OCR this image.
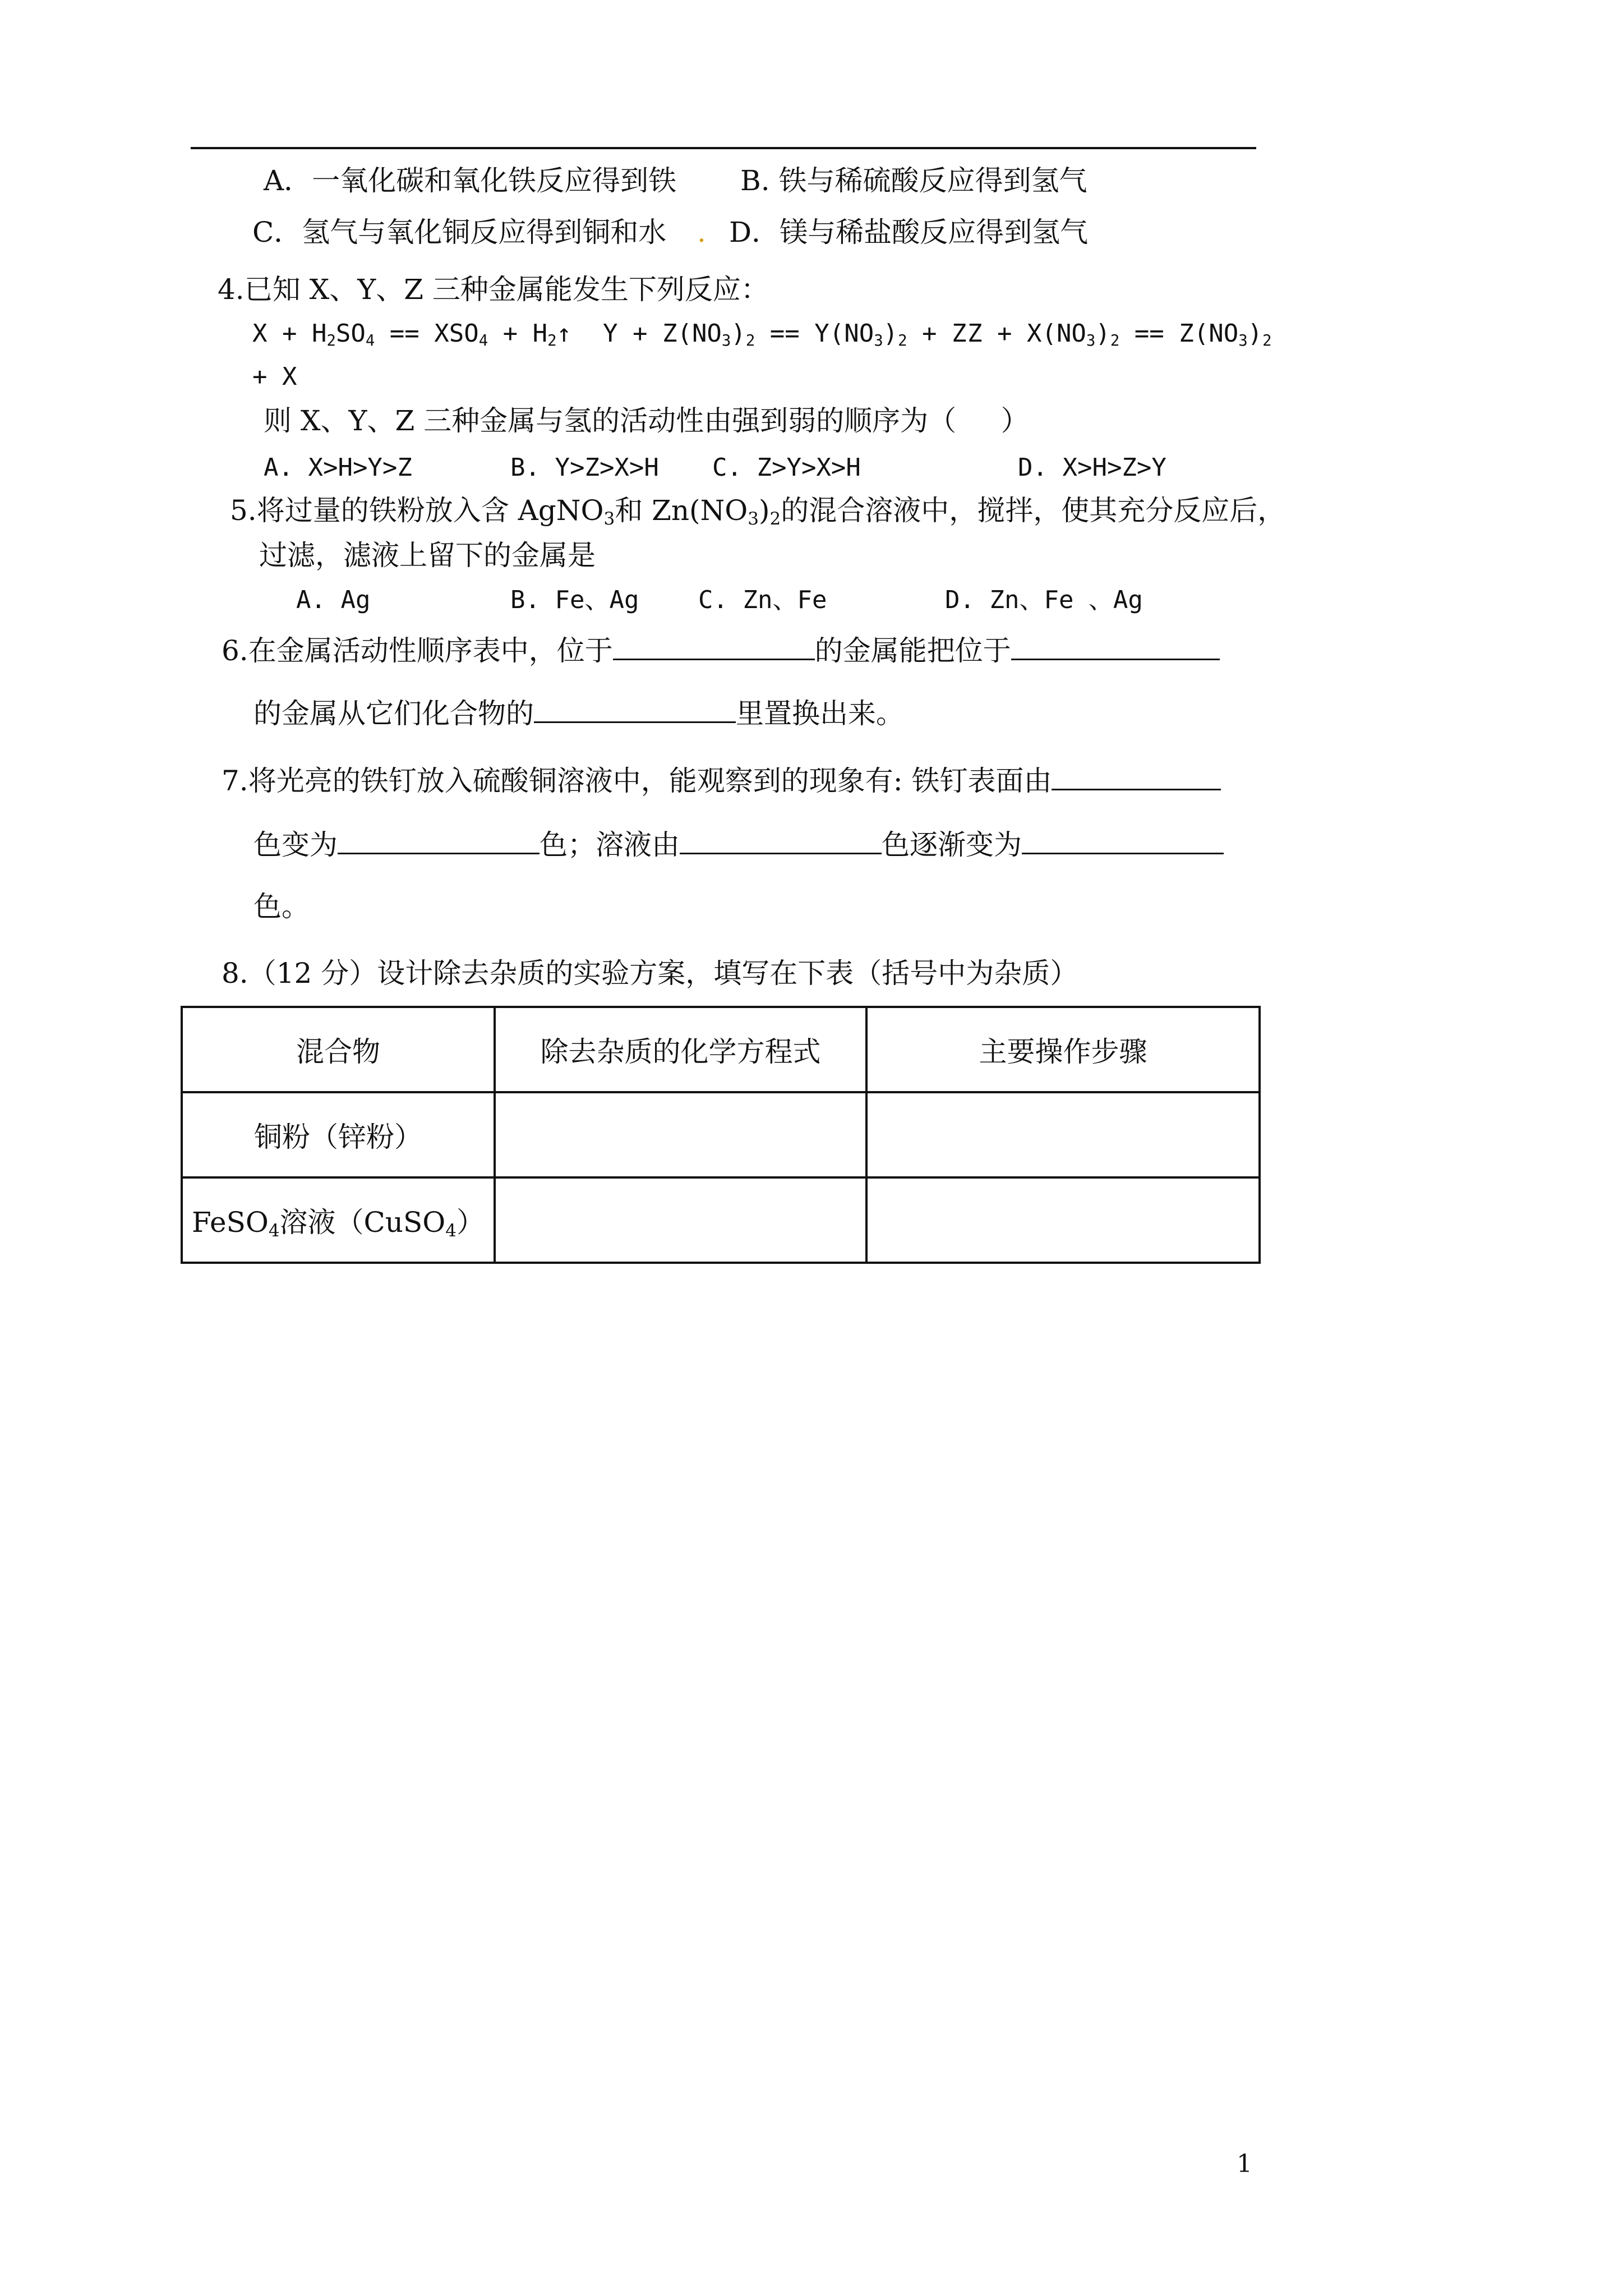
A．一氧化碳和氧化铁反应得到铁 B. 铁与稀硫酸反应得到氢气
C．氢气与氧化铜反应得到铜和水 . D．镁与稀盐酸反应得到氢气
4.已知 X、Y、Z 三种金属能发生下列反应：
$X + H_2SO_4 == XSO_4$ + $H_2↑$ $Y + Z(NO_3)_2 == Y(NO_3)_2 + Z$ $Z + X(NO_3)_2 == Z(NO_3)_2$
+ X
则 X、Y、Z 三种金属与氢的活动性由强到弱的顺序为（     ）
A. X>H>Y>Z	B. Y>Z>X>H C. Z>Y>X>H	D. X>H>Z>Y
5.将过量的铁粉放入含 AgNO$_3$和 $Zn(NO_3)_2$的混合溶液中，搅拌，使其充分反应后，
过滤，滤液上留下的金属是
A. Ag	B. Fe、Ag C. Zn、Fe	D. Zn、Fe 、Ag
6.在金属活动性顺序表中，位于	的金属能把位于
的金属从它们化合物的	里置换出来。
7.将光亮的铁钉放入硫酸铜溶液中，能观察到的现象有: 铁钉表面由
色变为	色；溶液由	色逐渐变为
色。
8.（12 分）设计除去杂质的实验方案，填写在下表（括号中为杂质）
混合物	除去杂质的化学方程式	主要操作步骤
铜粉（锌粉）		
FeSO$_4$溶液（CuSO$_4$）		
1
